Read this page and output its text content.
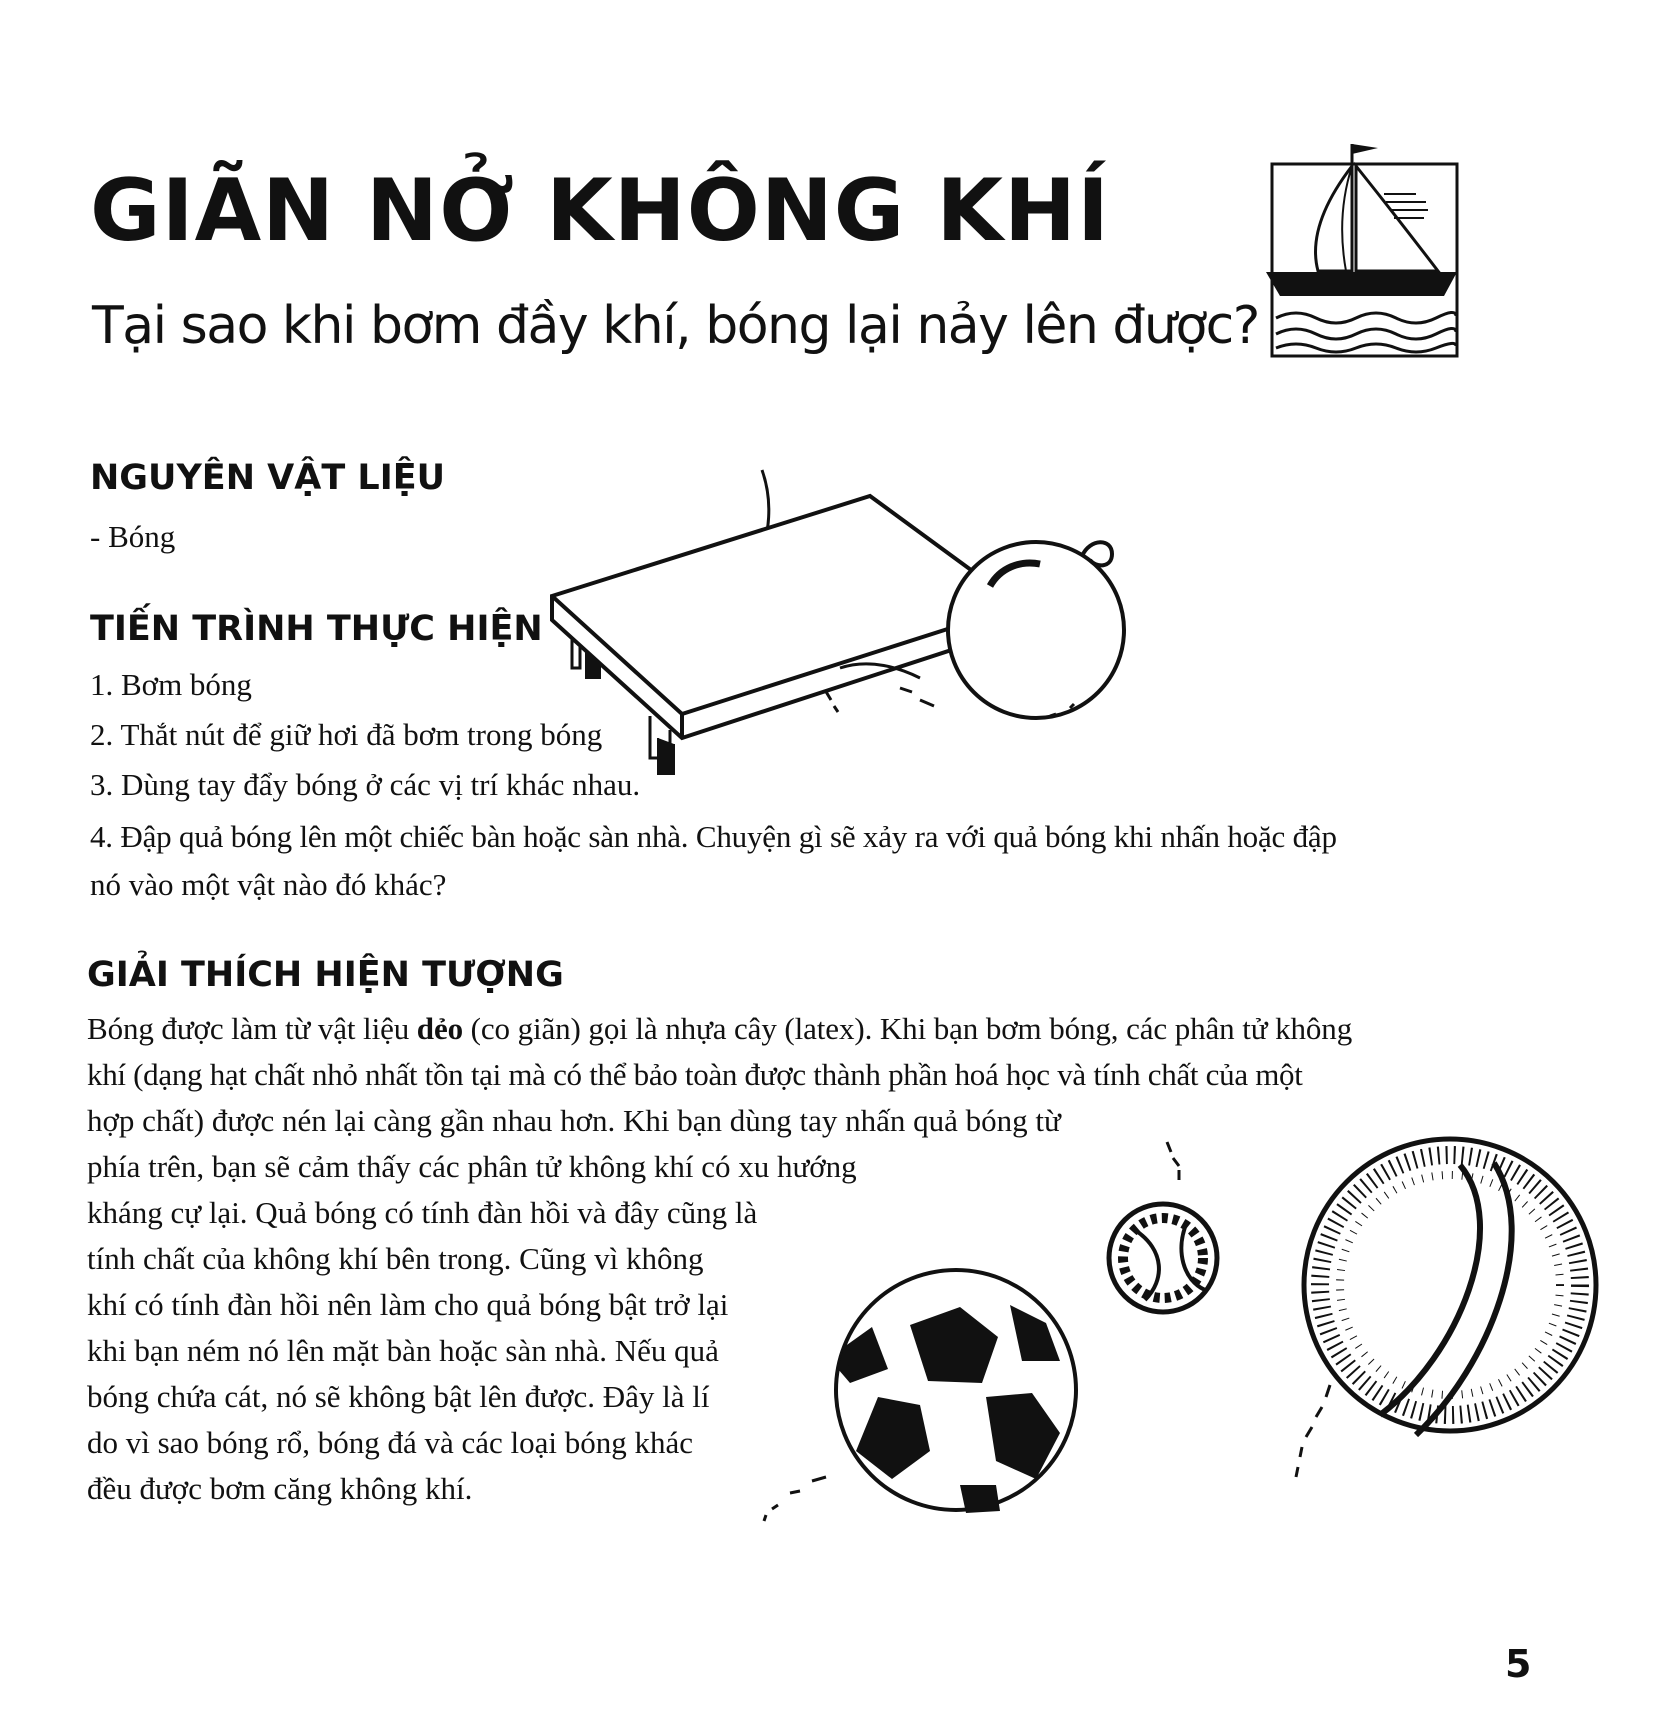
GIÃN NỞ KHÔNG KHÍ
Tại sao khi bơm đầy khí, bóng lại nảy lên được?
NGUYÊN VẬT LIỆU

- Bóng

TIẾN TRÌNH THỰC HIỆN

1. Bơm bóng

2. Thắt nút để giữ hơi đã bơm trong bóng

3. Dùng tay đẩy bóng ở các vị trí khác nhau.

4. Đập quả bóng lên một chiếc bàn hoặc sàn nhà. Chuyện gì sẽ xảy ra với quả bóng khi nhấn hoặc đập

nó vào một vật nào đó khác?

GIẢI THÍCH HIỆN TƯỢNG
Bóng được làm từ vật liệu dẻo (co giãn) gọi là nhựa cây (latex). Khi bạn bơm bóng, các phân tử không
khí (dạng hạt chất nhỏ nhất tồn tại mà có thể bảo toàn được thành phần hoá học và tính chất của một
hợp chất) được nén lại càng gần nhau hơn. Khi bạn dùng tay nhấn quả bóng từ
phía trên, bạn sẽ cảm thấy các phân tử không khí có xu hướng
kháng cự lại. Quả bóng có tính đàn hồi và đây cũng là
tính chất của không khí bên trong. Cũng vì không
khí có tính đàn hồi nên làm cho quả bóng bật trở lại
khi bạn ném nó lên mặt bàn hoặc sàn nhà. Nếu quả
bóng chứa cát, nó sẽ không bật lên được. Đây là lí
do vì sao bóng rổ, bóng đá và các loại bóng khác
đều được bơm căng không khí.
5
